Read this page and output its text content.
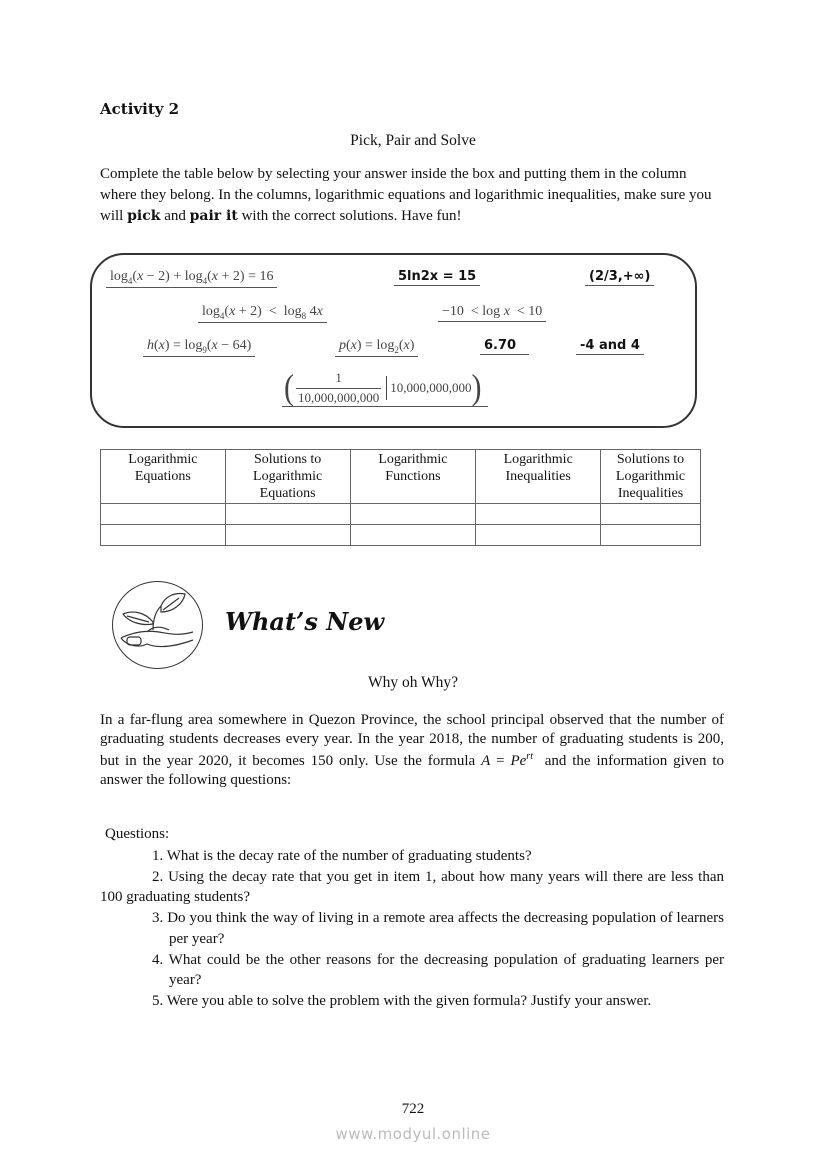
Activity 2
Pick, Pair and Solve
Complete the table below by selecting your answer inside the box and putting them in the column where they belong. In the columns, logarithmic equations and logarithmic inequalities, make sure you will pick and pair it with the correct solutions. Have fun!
$\log_4(x - 2) + \log_4(x + 2) = 16$	5ln2x = 15	(2/3,+∞)
$\log_4(x + 2) < \log_8 4x$	−10  < log x  < 10
$h(x) = \log_9(x - 64)$	$p(x) = \log_2(x)$	6.70	-4 and 4
(	1
10,000,000,000
10,000,000,000 )
Logarithmic Equations	Solutions to Logarithmic Equations	Logarithmic Functions	Logarithmic Inequalities	Solutions to Logarithmic Inequalities

What’s New
Why oh Why?
In a far-flung area somewhere in Quezon Province, the school principal observed that the number of graduating students decreases every year. In the year 2018, the number of graduating students is 200, but in the year 2020, it becomes 150 only. Use the formula $A = Pe^{rt}$  and the information given to answer the following questions:
Questions:
1. What is the decay rate of the number of graduating students?
2. Using the decay rate that you get in item 1, about how many years will there are less than 100 graduating students?
3. Do you think the way of living in a remote area affects the decreasing population of learners per year?
4. What could be the other reasons for the decreasing population of graduating learners per year?
5. Were you able to solve the problem with the given formula? Justify your answer.
722
www.modyul.online
